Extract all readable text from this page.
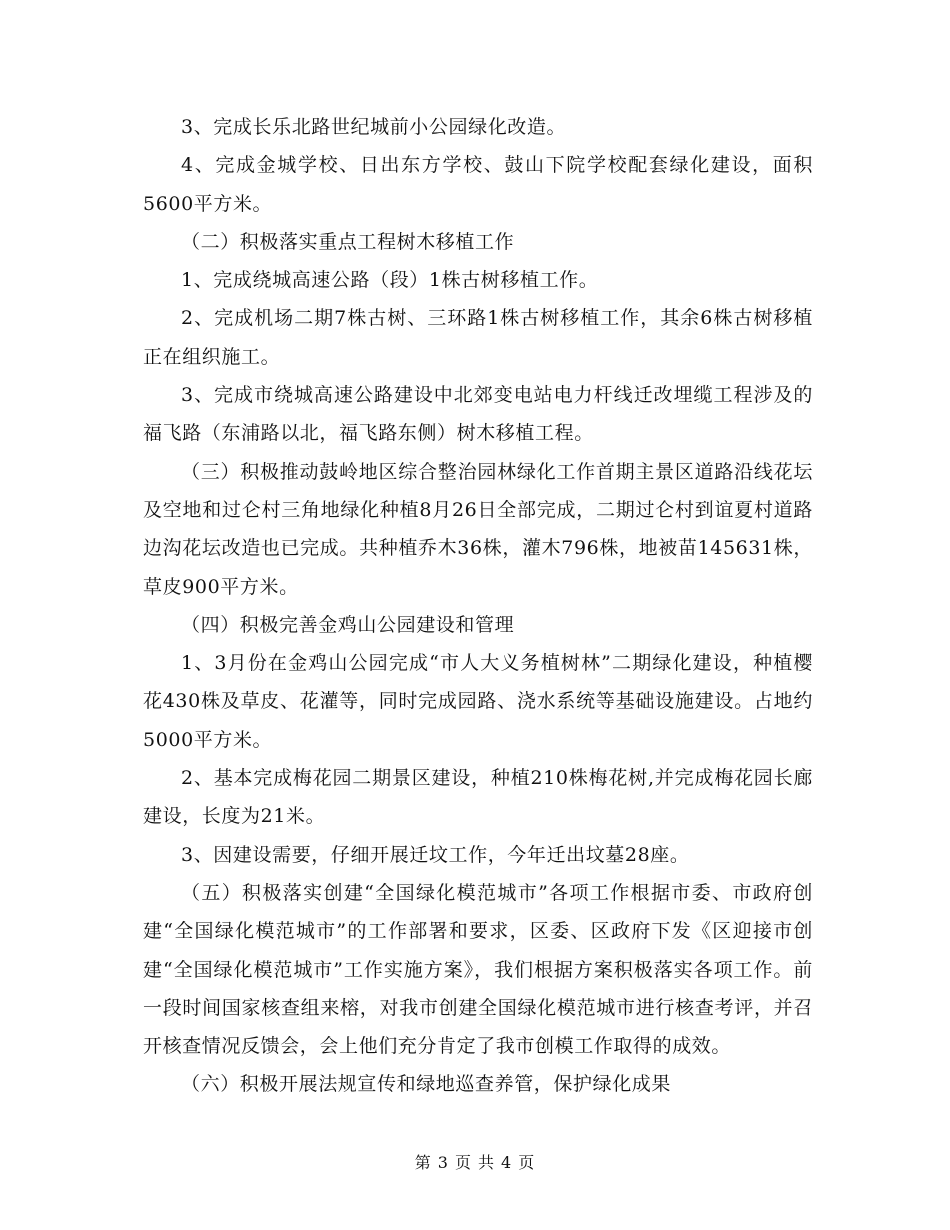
3、完成长乐北路世纪城前小公园绿化改造。

4、完成金城学校、日出东方学校、鼓山下院学校配套绿化建设，面积5600平方米。

（二）积极落实重点工程树木移植工作

1、完成绕城高速公路（段）1株古树移植工作。

2、完成机场二期7株古树、三环路1株古树移植工作，其余6株古树移植正在组织施工。

3、完成市绕城高速公路建设中北郊变电站电力杆线迁改埋缆工程涉及的福飞路（东浦路以北，福飞路东侧）树木移植工程。

（三）积极推动鼓岭地区综合整治园林绿化工作首期主景区道路沿线花坛及空地和过仑村三角地绿化种植8月26日全部完成，二期过仑村到谊夏村道路边沟花坛改造也已完成。共种植乔木36株，灌木796株，地被苗145631株，草皮900平方米。

（四）积极完善金鸡山公园建设和管理

1、3月份在金鸡山公园完成“市人大义务植树林”二期绿化建设，种植樱花430株及草皮、花灌等，同时完成园路、浇水系统等基础设施建设。占地约5000平方米。

2、基本完成梅花园二期景区建设，种植210株梅花树,并完成梅花园长廊建设，长度为21米。

3、因建设需要，仔细开展迁坟工作，今年迁出坟墓28座。

（五）积极落实创建“全国绿化模范城市”各项工作根据市委、市政府创建“全国绿化模范城市”的工作部署和要求，区委、区政府下发《区迎接市创建“全国绿化模范城市”工作实施方案》，我们根据方案积极落实各项工作。前一段时间国家核查组来榕，对我市创建全国绿化模范城市进行核查考评，并召开核查情况反馈会，会上他们充分肯定了我市创模工作取得的成效。

（六）积极开展法规宣传和绿地巡查养管，保护绿化成果

第 3 页 共 4 页
